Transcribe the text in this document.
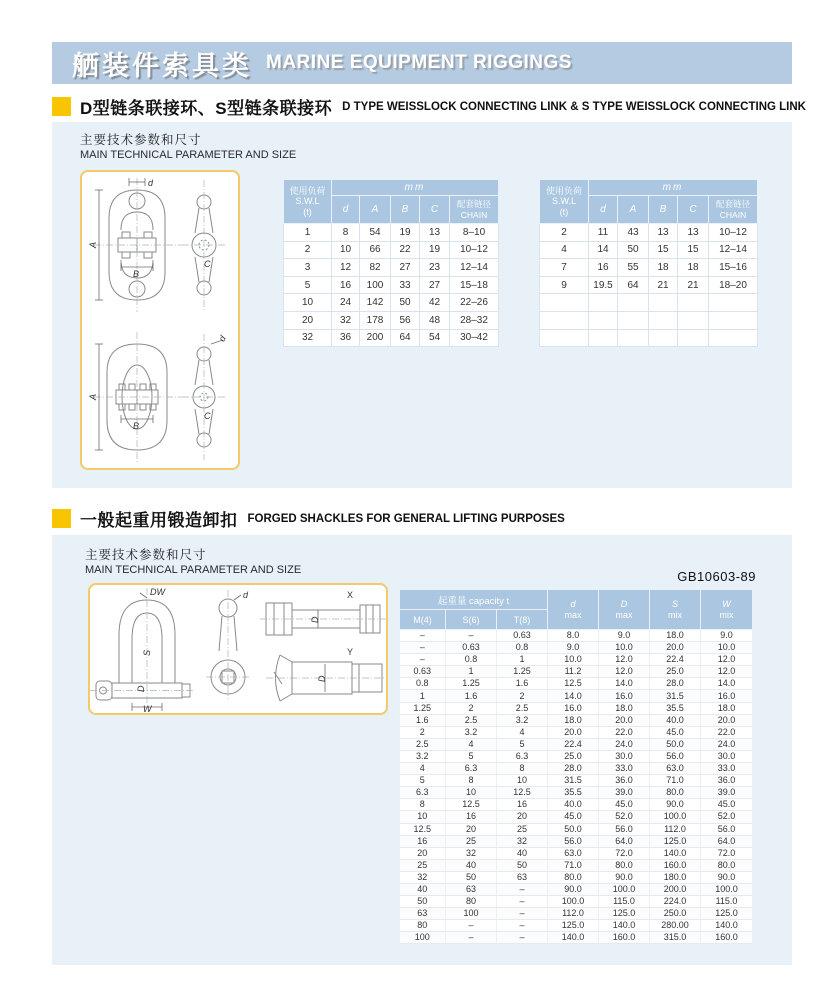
舾装件索具类 MARINE EQUIPMENT RIGGINGS
D型链条联接环、S型链条联接环 D TYPE WEISSLOCK CONNECTING LINK & S TYPE WEISSLOCK CONNECTING LINK
主要技术参数和尺寸
MAIN TECHNICAL PARAMETER AND SIZE
d
A
B
C
A
B
C
d
使用负荷
S.W.L
(t)	mm				
	d	A	B	C	配套链径
CHAIN

1	8	54	19	13	8–10
2	10	66	22	19	10–12
3	12	82	27	23	12–14
5	16	100	33	27	15–18
10	24	142	50	42	22–26
20	32	178	56	48	28–32
32	36	200	64	54	30–42
使用负荷
S.W.L
(t)	mm				
	d	A	B	C	配套链径
CHAIN

2	11	43	13	13	10–12
4	14	50	15	15	12–14
7	16	55	18	18	15–16
9	19.5	64	21	21	18–20

一般起重用锻造卸扣 FORGED SHACKLES FOR GENERAL LIFTING PURPOSES
主要技术参数和尺寸
MAIN TECHNICAL PARAMETER AND SIZE	GB10603-89
DW
S
D
W
d	X
D
Y
D
起重量 capacity t			d
max	D
max	S
mix	W
mix

M(4)	S(6)	T(8)				
–	–	0.63	8.0	9.0	18.0	9.0
–	0.63	0.8	9.0	10.0	20.0	10.0
–	0.8	1	10.0	12.0	22.4	12.0
0.63	1	1.25	11.2	12.0	25.0	12.0
0.8	1.25	1.6	12.5	14.0	28.0	14.0
1	1.6	2	14.0	16.0	31.5	16.0
1.25	2	2.5	16.0	18.0	35.5	18.0
1.6	2.5	3.2	18.0	20.0	40.0	20.0
2	3.2	4	20.0	22.0	45.0	22.0
2.5	4	5	22.4	24.0	50.0	24.0
3.2	5	6.3	25.0	30.0	56.0	30.0
4	6.3	8	28.0	33.0	63.0	33.0
5	8	10	31.5	36.0	71.0	36.0
6.3	10	12.5	35.5	39.0	80.0	39.0
8	12.5	16	40.0	45.0	90.0	45.0
10	16	20	45.0	52.0	100.0	52.0
12.5	20	25	50.0	56.0	112.0	56.0
16	25	32	56.0	64.0	125.0	64.0
20	32	40	63.0	72.0	140.0	72.0
25	40	50	71.0	80.0	160.0	80.0
32	50	63	80.0	90.0	180.0	90.0
40	63	–	90.0	100.0	200.0	100.0
50	80	–	100.0	115.0	224.0	115.0
63	100	–	112.0	125.0	250.0	125.0
80	–	–	125.0	140.0	280.00	140.0
100	–	–	140.0	160.0	315.0	160.0
